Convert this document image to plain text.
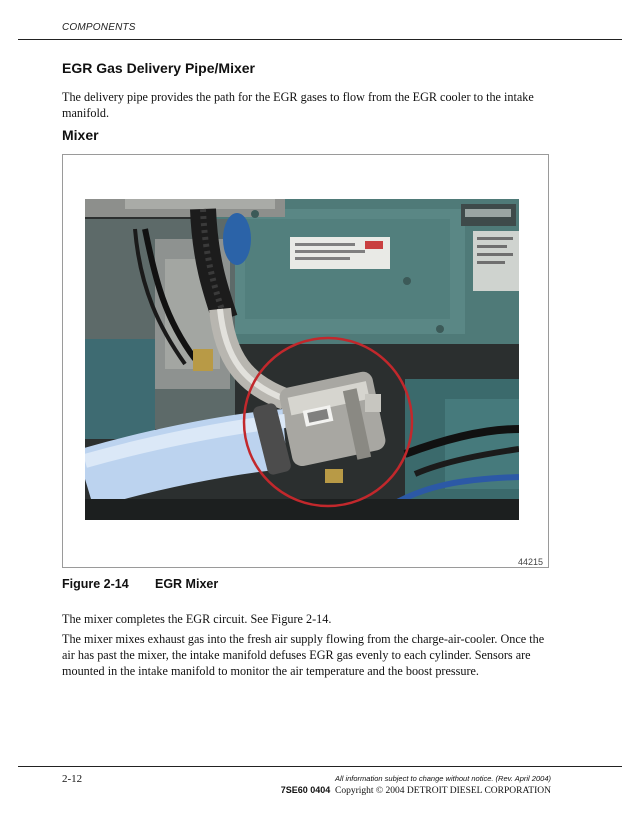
COMPONENTS
EGR Gas Delivery Pipe/Mixer
The delivery pipe provides the path for the EGR gases to flow from the EGR cooler to the intake manifold.
Mixer
44215
Figure 2-14 EGR Mixer
The mixer completes the EGR circuit. See Figure 2-14.
The mixer mixes exhaust gas into the fresh air supply flowing from the charge-air-cooler. Once the air has past the mixer, the intake manifold defuses EGR gas evenly to each cylinder. Sensors are mounted in the intake manifold to monitor the air temperature and the boost pressure.
2-12	All information subject to change without notice. (Rev. April 2004)
7SE60 0404 Copyright © 2004 DETROIT DIESEL CORPORATION
